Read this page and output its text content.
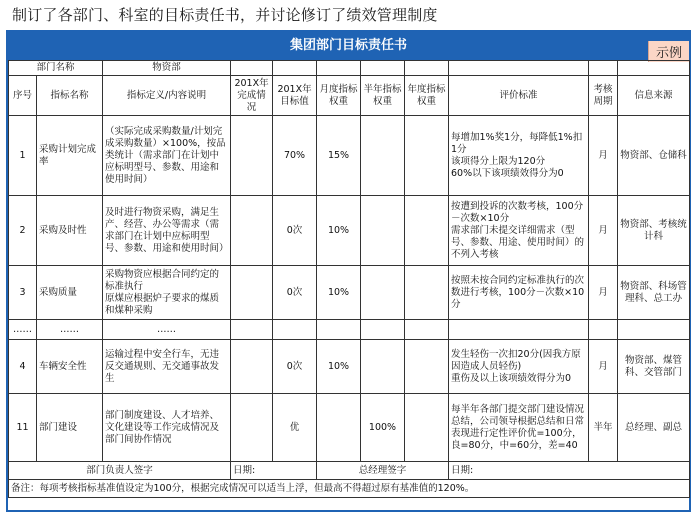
制订了各部门、科室的目标责任书，并讨论修订了绩效管理制度
集团部门目标责任书
示例
部门名称		物资部								
序号	指标名称	指标定义/内容说明	201X年完成情况	201X年目标值	月度指标权重	半年指标权重	年度指标权重	评价标准	考核周期	信息来源
1	采购计划完成率	（实际完成采购数量/计划完成采购数量）×100%，按品类统计（需求部门在计划中应标明型号、参数、用途和使用时间）		70%	15%			每增加1%奖1分，每降低1%扣1分
该项得分上限为120分
60%以下该项绩效得分为0	月	物资部、仓储科
2	采购及时性	及时进行物资采购，满足生产、经营、办公等需求（需求部门在计划中应标明型号、参数、用途和使用时间）		0次	10%			按遭到投诉的次数考核，100分－次数×10分
需求部门未提交详细需求（型号、参数、用途、使用时间）的不列入考核	月	物资部、考核统计科
3	采购质量	采购物资应根据合同约定的标准执行
原煤应根据炉子要求的煤质和煤种采购		0次	10%			按照未按合同约定标准执行的次数进行考核，100分－次数×10分	月	物资部、科场管理科、总工办
……	……	……								
4	车辆安全性	运输过程中安全行车，无违反交通规则、无交通事故发生		0次	10%			发生轻伤一次扣20分(因我方原因造成人员轻伤)
重伤及以上该项绩效得分为0	月	物资部、煤管科、交管部门
11	部门建设	部门制度建设、人才培养、文化建设等工作完成情况及部门间协作情况		优		100%		每半年各部门提交部门建设情况总结，公司领导根据总结和日常表现进行定性评价优=100分，良=80分，中=60分，差=40	半年	总经理、副总
部门负责人签字			日期:		总经理签字			日期:		
备注：每项考核指标基准值设定为100分，根据完成情况可以适当上浮，但最高不得超过原有基准值的120%。										
